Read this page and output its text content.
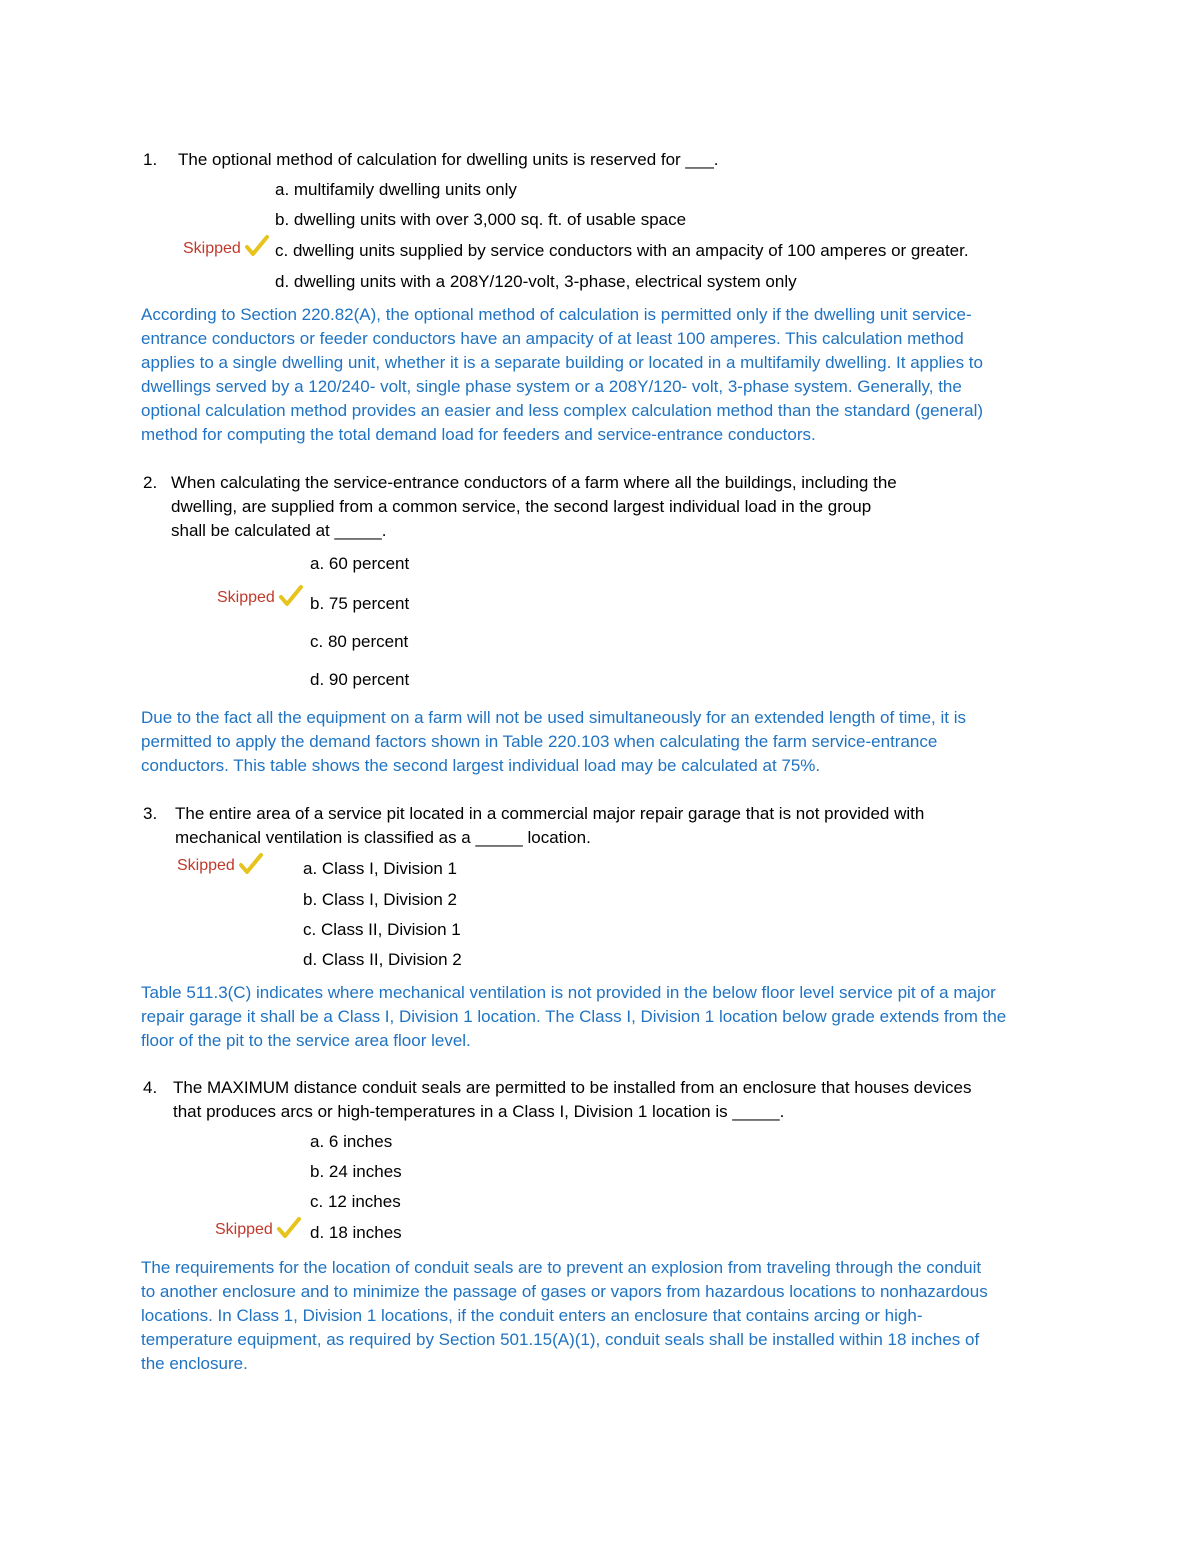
1. The optional method of calculation for dwelling units is reserved for ___.
a. multifamily dwelling units only
b. dwelling units with over 3,000 sq. ft. of usable space
Skipped c. dwelling units supplied by service conductors with an ampacity of 100 amperes or greater.
d. dwelling units with a 208Y/120-volt, 3-phase, electrical system only
According to Section 220.82(A), the optional method of calculation is permitted only if the dwelling unit service-
entrance conductors or feeder conductors have an ampacity of at least 100 amperes. This calculation method
applies to a single dwelling unit, whether it is a separate building or located in a multifamily dwelling. It applies to
dwellings served by a 120/240- volt, single phase system or a 208Y/120- volt, 3-phase system. Generally, the
optional calculation method provides an easier and less complex calculation method than the standard (general)
method for computing the total demand load for feeders and service-entrance conductors.
2. When calculating the service-entrance conductors of a farm where all the buildings, including the
dwelling, are supplied from a common service, the second largest individual load in the group
shall be calculated at _____.
a. 60 percent
Skipped b. 75 percent
c. 80 percent
d. 90 percent
Due to the fact all the equipment on a farm will not be used simultaneously for an extended length of time, it is
permitted to apply the demand factors shown in Table 220.103 when calculating the farm service-entrance
conductors. This table shows the second largest individual load may be calculated at 75%.
3. The entire area of a service pit located in a commercial major repair garage that is not provided with
mechanical ventilation is classified as a _____ location.
Skipped	a. Class I, Division 1
b. Class I, Division 2
c. Class II, Division 1
d. Class II, Division 2
Table 511.3(C) indicates where mechanical ventilation is not provided in the below floor level service pit of a major
repair garage it shall be a Class I, Division 1 location. The Class I, Division 1 location below grade extends from the
floor of the pit to the service area floor level.
4. The MAXIMUM distance conduit seals are permitted to be installed from an enclosure that houses devices
that produces arcs or high-temperatures in a Class I, Division 1 location is _____.
a. 6 inches
b. 24 inches
c. 12 inches
Skipped d. 18 inches
The requirements for the location of conduit seals are to prevent an explosion from traveling through the conduit
to another enclosure and to minimize the passage of gases or vapors from hazardous locations to nonhazardous
locations. In Class 1, Division 1 locations, if the conduit enters an enclosure that contains arcing or high-
temperature equipment, as required by Section 501.15(A)(1), conduit seals shall be installed within 18 inches of
the enclosure.
